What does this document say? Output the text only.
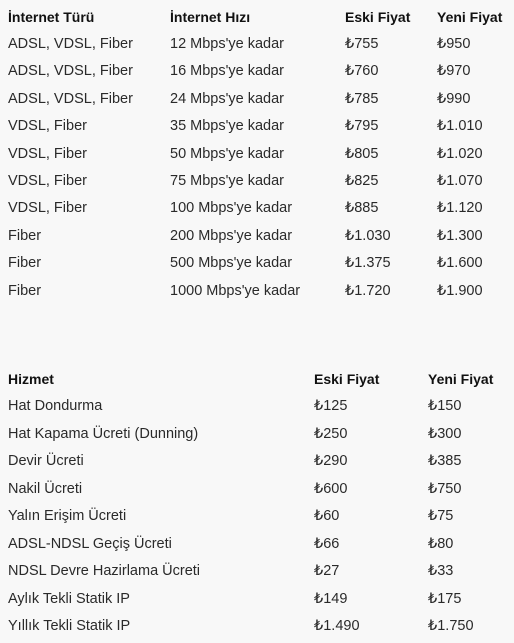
İnternet Türü	İnternet Hızı	Eski Fiyat	Yeni Fiyat
ADSL, VDSL, Fiber	12 Mbps'ye kadar	₺755	₺950
ADSL, VDSL, Fiber	16 Mbps'ye kadar	₺760	₺970
ADSL, VDSL, Fiber	24 Mbps'ye kadar	₺785	₺990
VDSL, Fiber	35 Mbps'ye kadar	₺795	₺1.010
VDSL, Fiber	50 Mbps'ye kadar	₺805	₺1.020
VDSL, Fiber	75 Mbps'ye kadar	₺825	₺1.070
VDSL, Fiber	100 Mbps'ye kadar	₺885	₺1.120
Fiber	200 Mbps'ye kadar	₺1.030	₺1.300
Fiber	500 Mbps'ye kadar	₺1.375	₺1.600
Fiber	1000 Mbps'ye kadar	₺1.720	₺1.900
Hizmet	Eski Fiyat	Yeni Fiyat
Hat Dondurma	₺125	₺150
Hat Kapama Ücreti (Dunning)	₺250	₺300
Devir Ücreti	₺290	₺385
Nakil Ücreti	₺600	₺750
Yalın Erişim Ücreti	₺60	₺75
ADSL-NDSL Geçiş Ücreti	₺66	₺80
NDSL Devre Hazirlama Ücreti	₺27	₺33
Aylık Tekli Statik IP	₺149	₺175
Yıllık Tekli Statik IP	₺1.490	₺1.750
